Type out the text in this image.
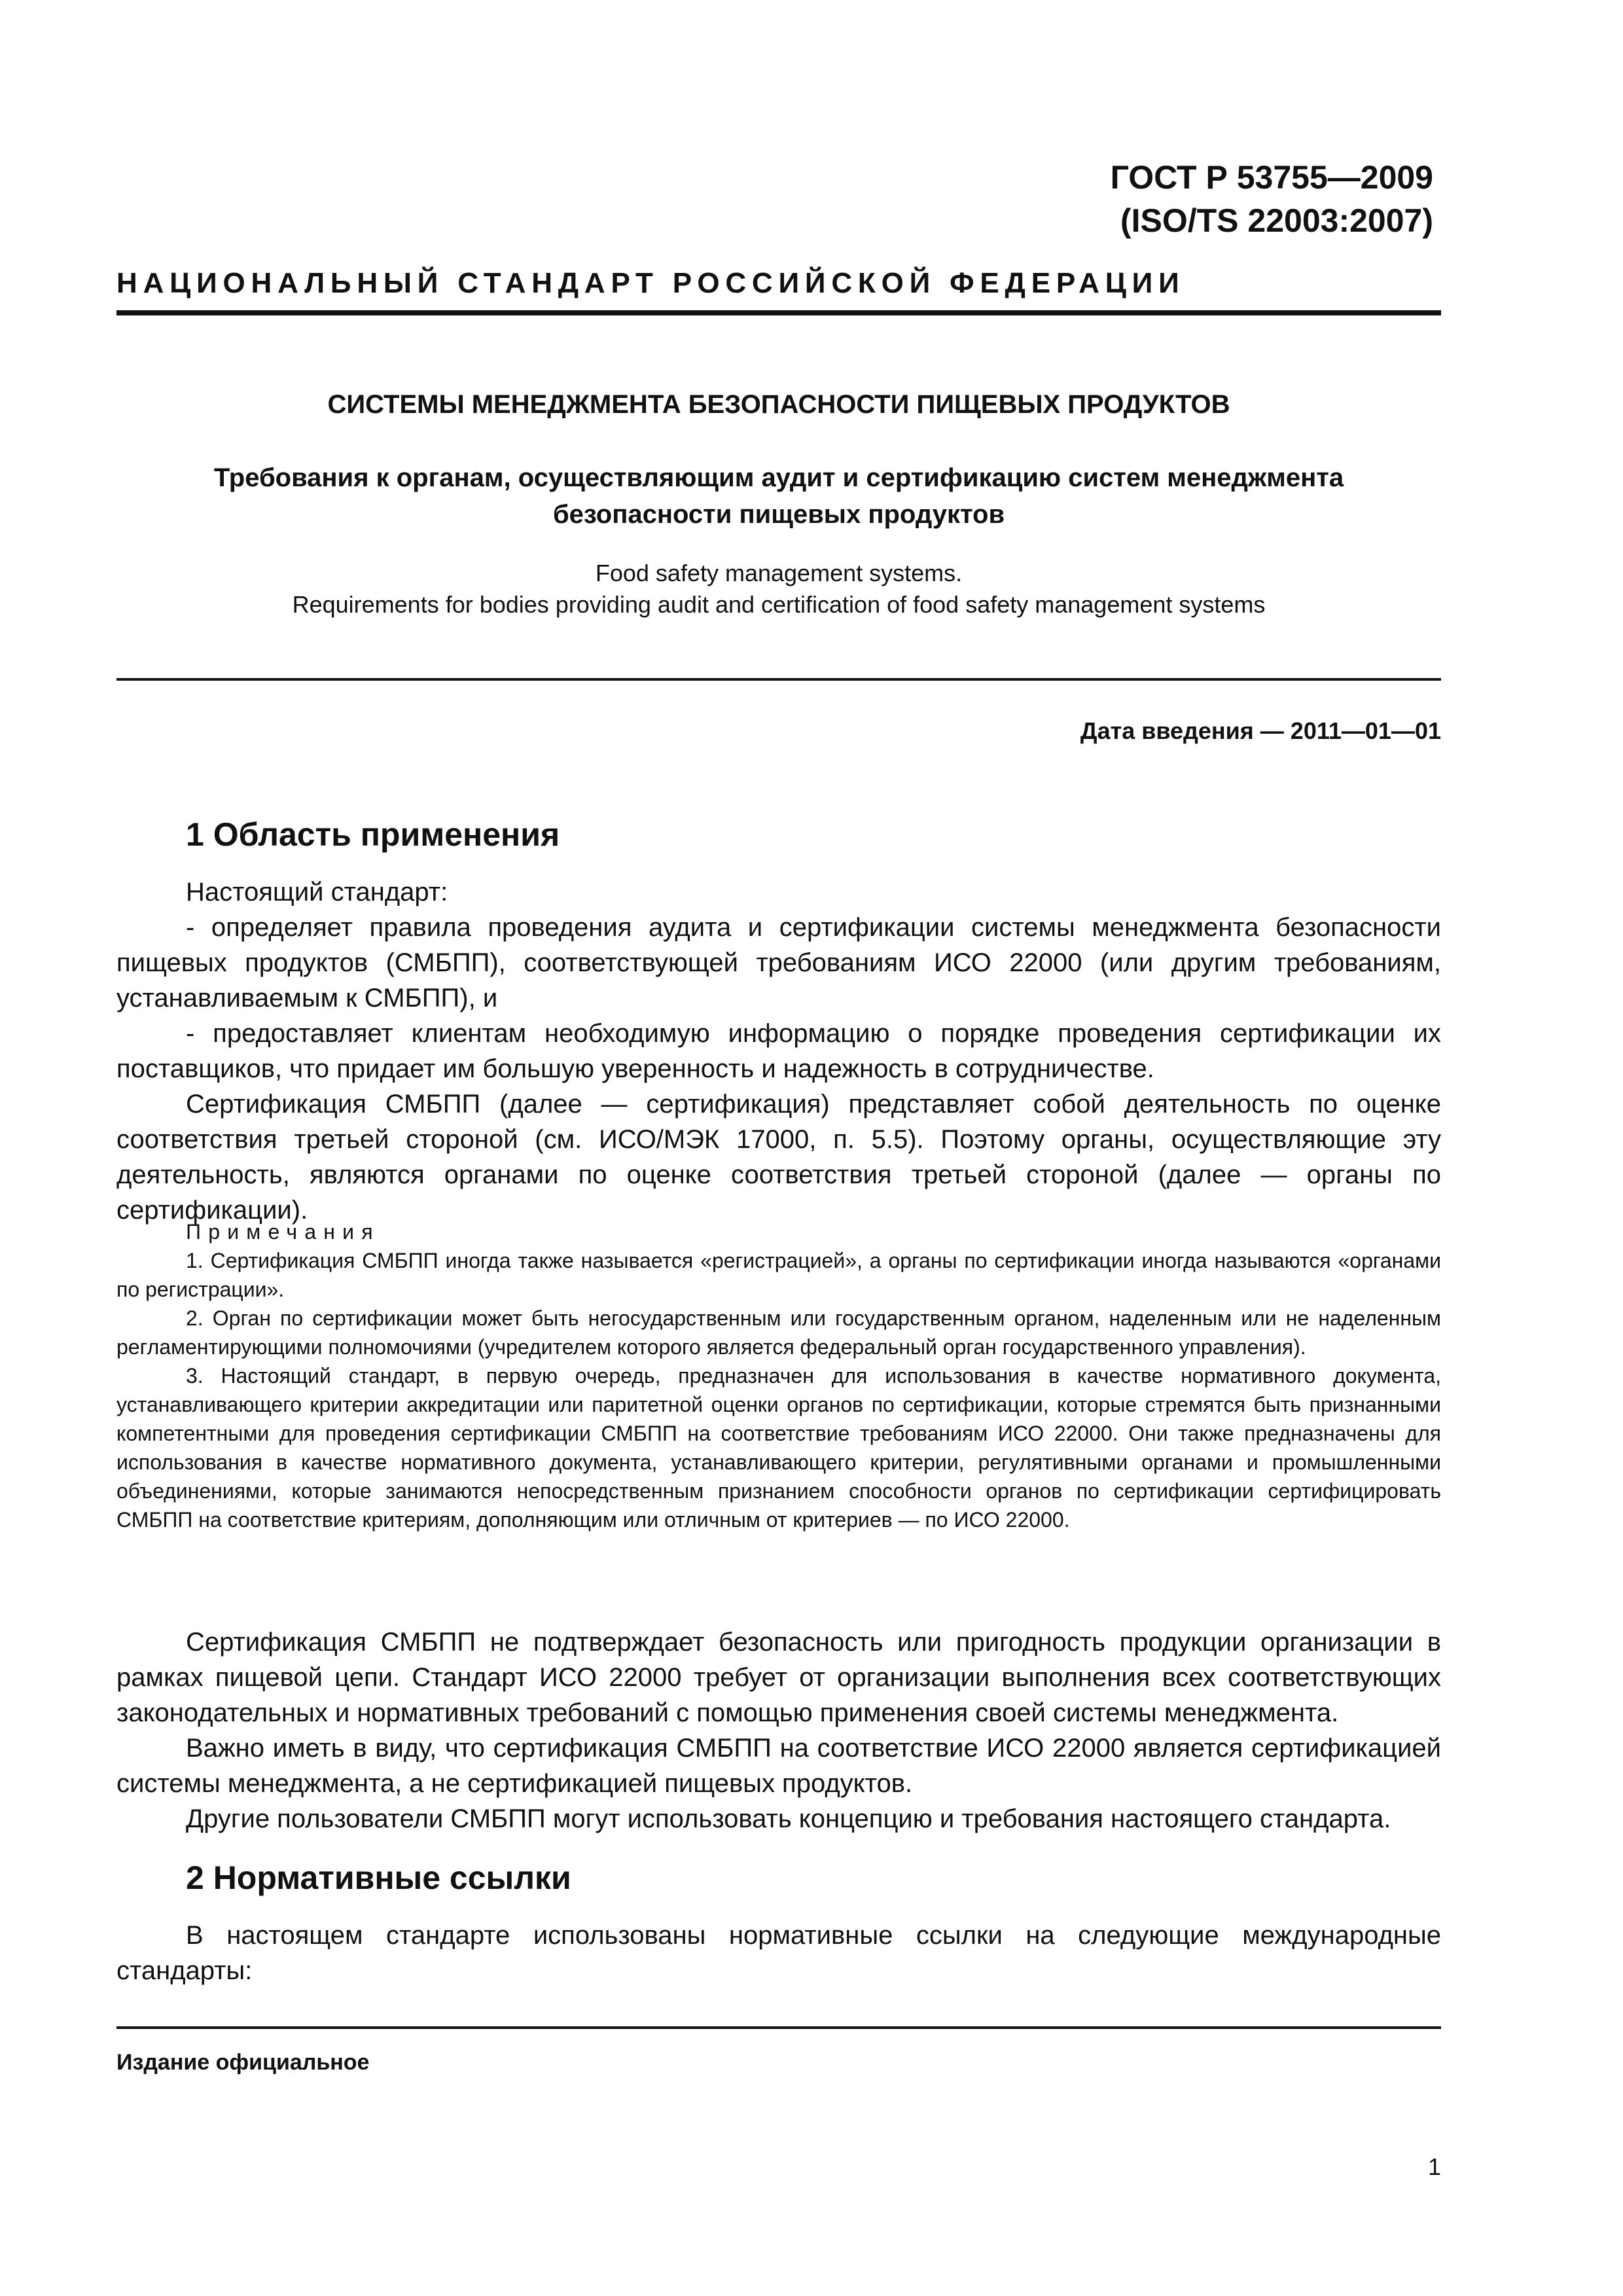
ГОСТ Р 53755—2009
(ISO/TS 22003:2007)
НАЦИОНАЛЬНЫЙ СТАНДАРТ РОССИЙСКОЙ ФЕДЕРАЦИИ
СИСТЕМЫ МЕНЕДЖМЕНТА БЕЗОПАСНОСТИ ПИЩЕВЫХ ПРОДУКТОВ
Требования к органам, осуществляющим аудит и сертификацию систем менеджмента
безопасности пищевых продуктов
Food safety management systems.
Requirements for bodies providing audit and certification of food safety management systems
Дата введения — 2011—01—01
1 Область применения

Настоящий стандарт:

- определяет правила проведения аудита и сертификации системы менеджмента безопасности пищевых продуктов (СМБПП), соответствующей требованиям ИСО 22000 (или другим требованиям, устанавливаемым к СМБПП), и

- предоставляет клиентам необходимую информацию о порядке проведения сертификации их поставщиков, что придает им большую уверенность и надежность в сотрудничестве.

Сертификация СМБПП (далее — сертификация) представляет собой деятельность по оценке соответствия третьей стороной (см. ИСО/МЭК 17000, п. 5.5). Поэтому органы, осуществляющие эту деятельность, являются органами по оценке соответствия третьей стороной (далее — органы по сертификации).

Примечания

1. Сертификация СМБПП иногда также называется «регистрацией», а органы по сертификации иногда называются «органами по регистрации».

2. Орган по сертификации может быть негосударственным или государственным органом, наделенным или не наделенным регламентирующими полномочиями (учредителем которого является федеральный орган государственного управления).

3. Настоящий стандарт, в первую очередь, предназначен для использования в качестве нормативного документа, устанавливающего критерии аккредитации или паритетной оценки органов по сертификации, которые стремятся быть признанными компетентными для проведения сертификации СМБПП на соответствие требованиям ИСО 22000. Они также предназначены для использования в качестве нормативного документа, устанавливающего критерии, регулятивными органами и промышленными объединениями, которые занимаются непосредственным признанием способности органов по сертификации сертифицировать СМБПП на соответствие критериям, дополняющим или отличным от критериев — по ИСО 22000.

Сертификация СМБПП не подтверждает безопасность или пригодность продукции организации в рамках пищевой цепи. Стандарт ИСО 22000 требует от организации выполнения всех соответствующих законодательных и нормативных требований с помощью применения своей системы менеджмента.

Важно иметь в виду, что сертификация СМБПП на соответствие ИСО 22000 является сертификацией системы менеджмента, а не сертификацией пищевых продуктов.

Другие пользователи СМБПП могут использовать концепцию и требования настоящего стандарта.

2 Нормативные ссылки

В настоящем стандарте использованы нормативные ссылки на следующие международные стандарты:

Издание официальное
1
